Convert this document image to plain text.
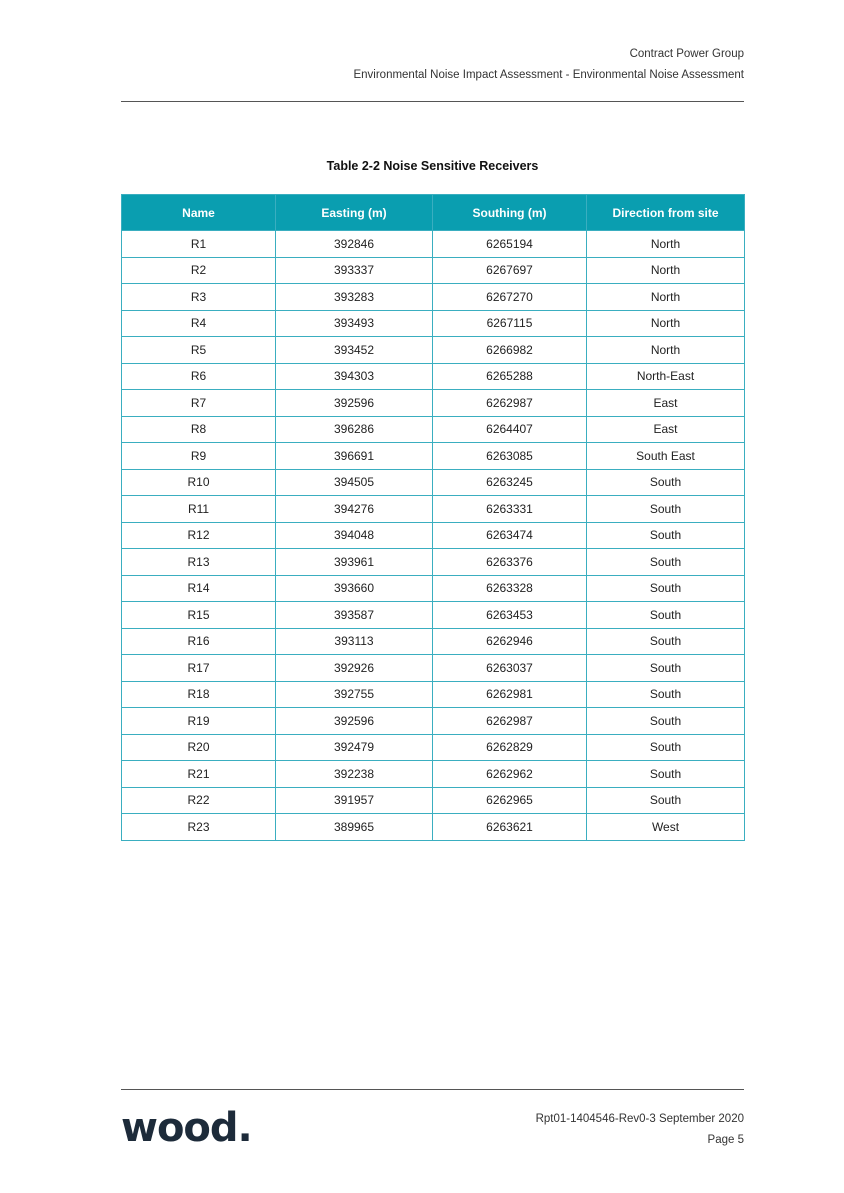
Contract Power Group
Environmental Noise Impact Assessment - Environmental Noise Assessment
Table 2-2 Noise Sensitive Receivers
Name	Easting (m)	Southing (m)	Direction from site
R1	392846	6265194	North
R2	393337	6267697	North
R3	393283	6267270	North
R4	393493	6267115	North
R5	393452	6266982	North
R6	394303	6265288	North-East
R7	392596	6262987	East
R8	396286	6264407	East
R9	396691	6263085	South East
R10	394505	6263245	South
R11	394276	6263331	South
R12	394048	6263474	South
R13	393961	6263376	South
R14	393660	6263328	South
R15	393587	6263453	South
R16	393113	6262946	South
R17	392926	6263037	South
R18	392755	6262981	South
R19	392596	6262987	South
R20	392479	6262829	South
R21	392238	6262962	South
R22	391957	6262965	South
R23	389965	6263621	West
wood.	Rpt01-1404546-Rev0-3 September 2020
Page 5
